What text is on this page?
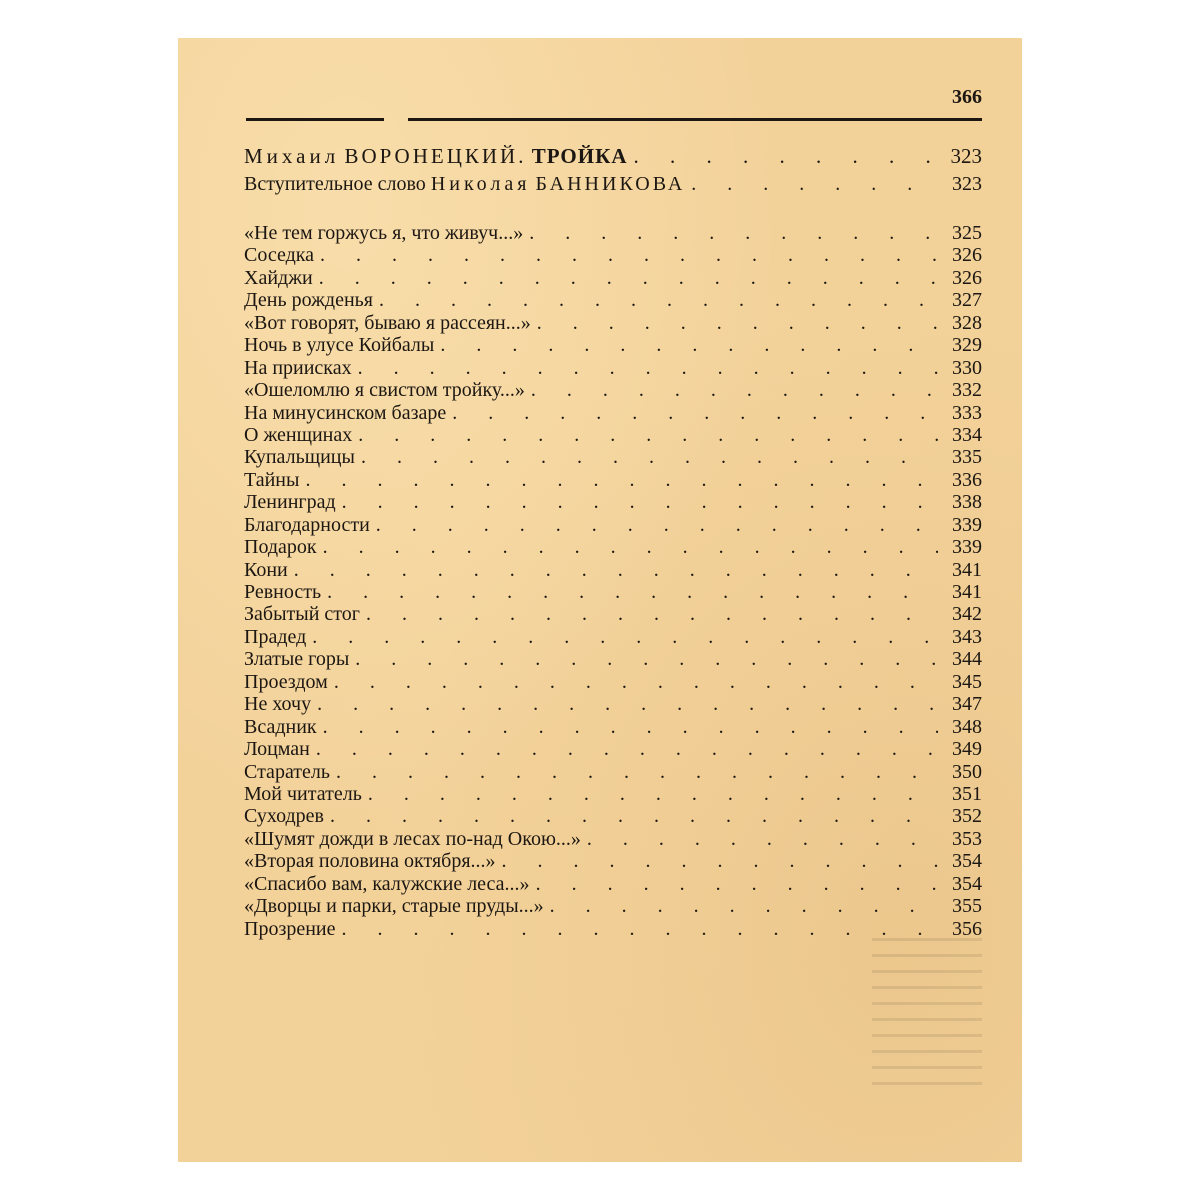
366
Михаил ВОРОНЕЦКИЙ. ТРОЙКА . . .	323
Вступительное слово Николая БАННИКОВА . . .	323
«Не тем горжусь я, что живуч...» . . .	325
Соседка . . .	326
Хайджи . . .	326
День рожденья . . .	327
«Вот говорят, бываю я рассеян...» . . .	328
Ночь в улусе Койбалы . . .	329
На приисках . . .	330
«Ошеломлю я свистом тройку...» . . .	332
На минусинском базаре . . .	333
О женщинах . . .	334
Купальщицы . . .	335
Тайны . . .	336
Ленинград . . .	338
Благодарности . . .	339
Подарок . . .	339
Кони . . .	341
Ревность . . .	341
Забытый стог . . .	342
Прадед . . .	343
Златые горы . . .	344
Проездом . . .	345
Не хочу . . .	347
Всадник . . .	348
Лоцман . . .	349
Старатель . . .	350
Мой читатель . . .	351
Суходрев . . .	352
«Шумят дожди в лесах по-над Окою...» . . .	353
«Вторая половина октября...» . . .	354
«Спасибо вам, калужские леса...» . . .	354
«Дворцы и парки, старые пруды...» . . .	355
Прозрение . . .	356
